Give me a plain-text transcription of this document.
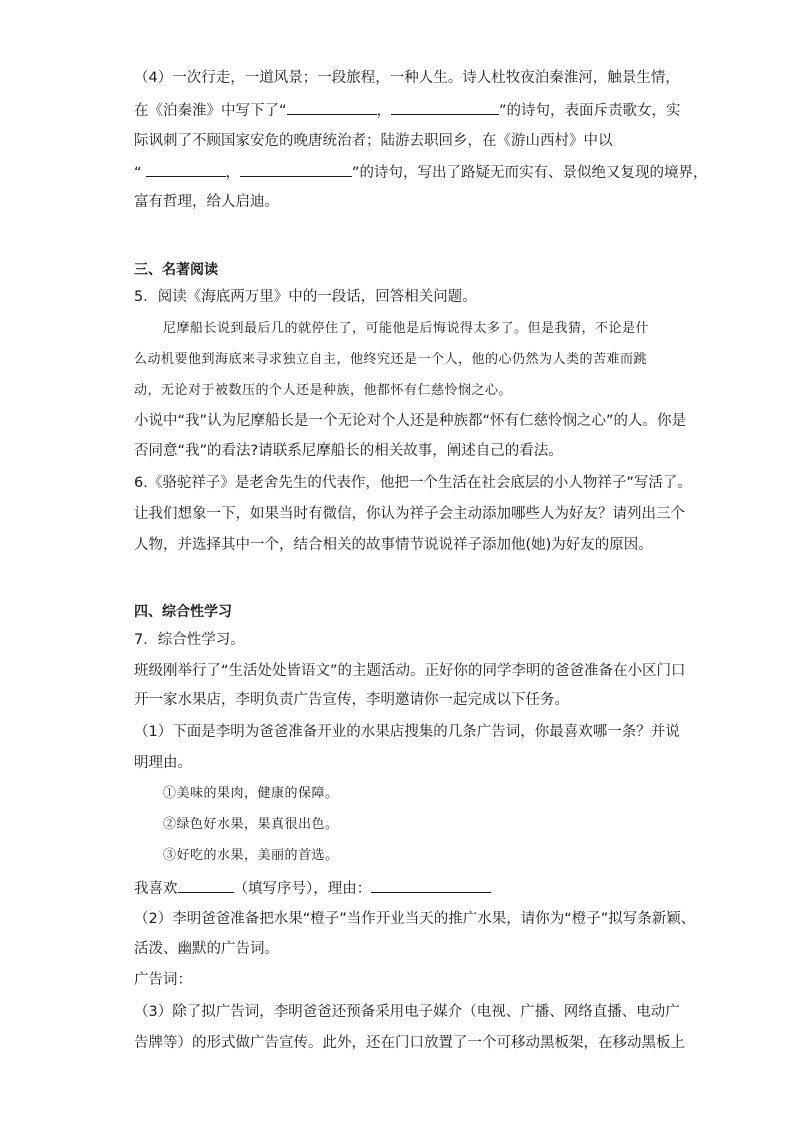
（4）一次行走，一道风景；一段旅程，一种人生。诗人杜牧夜泊秦淮河，触景生情，
在《泊秦淮》中写下了“	，	”的诗句，表面斥责歌女，实
际讽刺了不顾国家安危的晚唐统治者；陆游去职回乡，在《游山西村》中以
“	，	”的诗句，写出了路疑无而实有、景似绝又复现的境界，
富有哲理，给人启迪。
三、名著阅读
5．阅读《海底两万里》中的一段话，回答相关问题。
尼摩船长说到最后几的就停住了，可能他是后悔说得太多了。但是我猜，不论是什
么动机要他到海底来寻求独立自主，他终究还是一个人，他的心仍然为人类的苦难而跳
动，无论对于被数压的个人还是种族，他都怀有仁慈怜悯之心。
小说中“我”认为尼摩船长是一个无论对个人还是种族都“怀有仁慈怜悯之心”的人。你是
否同意“我”的看法?请联系尼摩船长的相关故事，阐述自己的看法。
6.《骆驼祥子》是老舍先生的代表作，他把一个生活在社会底层的小人物祥子”写活了。
让我们想象一下，如果当时有微信，你认为祥子会主动添加哪些人为好友？请列出三个
人物，并选择其中一个，结合相关的故事情节说说祥子添加他(她)为好友的原因。
四、综合性学习
7．综合性学习。
班级刚举行了“生活处处皆语文”的主题活动。正好你的同学李明的爸爸准备在小区门口
开一家水果店，李明负责广告宣传，李明邀请你一起完成以下任务。
（1）下面是李明为爸爸准备开业的水果店搜集的几条广告词，你最喜欢哪一条？并说
明理由。
①美味的果肉，健康的保障。
②绿色好水果，果真很出色。
③好吃的水果，美丽的首选。
我喜欢	（填写序号），理由：
（2）李明爸爸准备把水果“橙子”当作开业当天的推广水果，请你为“橙子”拟写条新颖、
活泼、幽默的广告词。
广告词：
（3）除了拟广告词，李明爸爸还预备采用电子媒介（电视、广播、网络直播、电动广
告牌等）的形式做广告宣传。此外，还在门口放置了一个可移动黑板架，在移动黑板上
